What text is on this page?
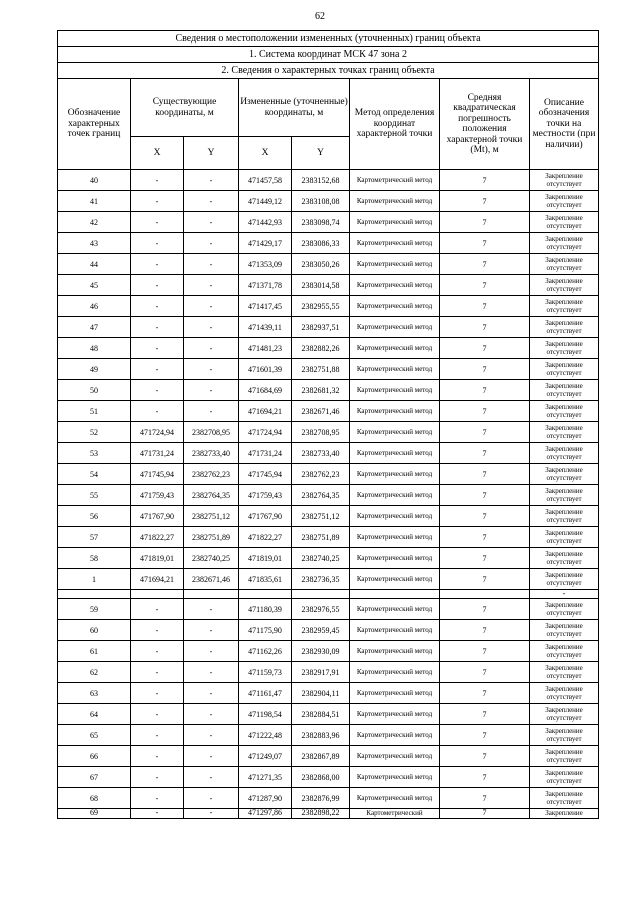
62
Сведения о местоположении измененных (уточненных) границ объекта							
1. Система координат МСК 47 зона 2							
2. Сведения о характерных точках границ объекта							
Обозначение характерных точек границ	Существующие координаты, м		Измененные (уточненные) координаты, м		Метод определения координат характерной точки	Средняя квадратическая погрешность положения характерной точки (Mt), м	Описание обозначения точки на местности (при наличии)
	X	Y	X	Y			
40	-	-	471457,58	2383152,68	Картометрический метод	7	Закрепление отсутствует
41	-	-	471449,12	2383108,08	Картометрический метод	7	Закрепление отсутствует
42	-	-	471442,93	2383098,74	Картометрический метод	7	Закрепление отсутствует
43	-	-	471429,17	2383086,33	Картометрический метод	7	Закрепление отсутствует
44	-	-	471353,09	2383050,26	Картометрический метод	7	Закрепление отсутствует
45	-	-	471371,78	2383014,58	Картометрический метод	7	Закрепление отсутствует
46	-	-	471417,45	2382955,55	Картометрический метод	7	Закрепление отсутствует
47	-	-	471439,11	2382937,51	Картометрический метод	7	Закрепление отсутствует
48	-	-	471481,23	2382882,26	Картометрический метод	7	Закрепление отсутствует
49	-	-	471601,39	2382751,88	Картометрический метод	7	Закрепление отсутствует
50	-	-	471684,69	2382681,32	Картометрический метод	7	Закрепление отсутствует
51	-	-	471694,21	2382671,46	Картометрический метод	7	Закрепление отсутствует
52	471724,94	2382708,95	471724,94	2382708,95	Картометрический метод	7	Закрепление отсутствует
53	471731,24	2382733,40	471731,24	2382733,40	Картометрический метод	7	Закрепление отсутствует
54	471745,94	2382762,23	471745,94	2382762,23	Картометрический метод	7	Закрепление отсутствует
55	471759,43	2382764,35	471759,43	2382764,35	Картометрический метод	7	Закрепление отсутствует
56	471767,90	2382751,12	471767,90	2382751,12	Картометрический метод	7	Закрепление отсутствует
57	471822,27	2382751,89	471822,27	2382751,89	Картометрический метод	7	Закрепление отсутствует
58	471819,01	2382740,25	471819,01	2382740,25	Картометрический метод	7	Закрепление отсутствует
1	471694,21	2382671,46	471835,61	2382736,35	Картометрический метод	7	Закрепление отсутствует
							-
59	-	-	471180,39	2382976,55	Картометрический метод	7	Закрепление отсутствует
60	-	-	471175,90	2382959,45	Картометрический метод	7	Закрепление отсутствует
61	-	-	471162,26	2382930,09	Картометрический метод	7	Закрепление отсутствует
62	-	-	471159,73	2382917,91	Картометрический метод	7	Закрепление отсутствует
63	-	-	471161,47	2382904,11	Картометрический метод	7	Закрепление отсутствует
64	-	-	471198,54	2382884,51	Картометрический метод	7	Закрепление отсутствует
65	-	-	471222,48	2382883,96	Картометрический метод	7	Закрепление отсутствует
66	-	-	471249,07	2382867,89	Картометрический метод	7	Закрепление отсутствует
67	-	-	471271,35	2382868,00	Картометрический метод	7	Закрепление отсутствует
68	-	-	471287,90	2382876,99	Картометрический метод	7	Закрепление отсутствует
69	-	-	471297,86	2382898,22	Картометрический	7	Закрепление
